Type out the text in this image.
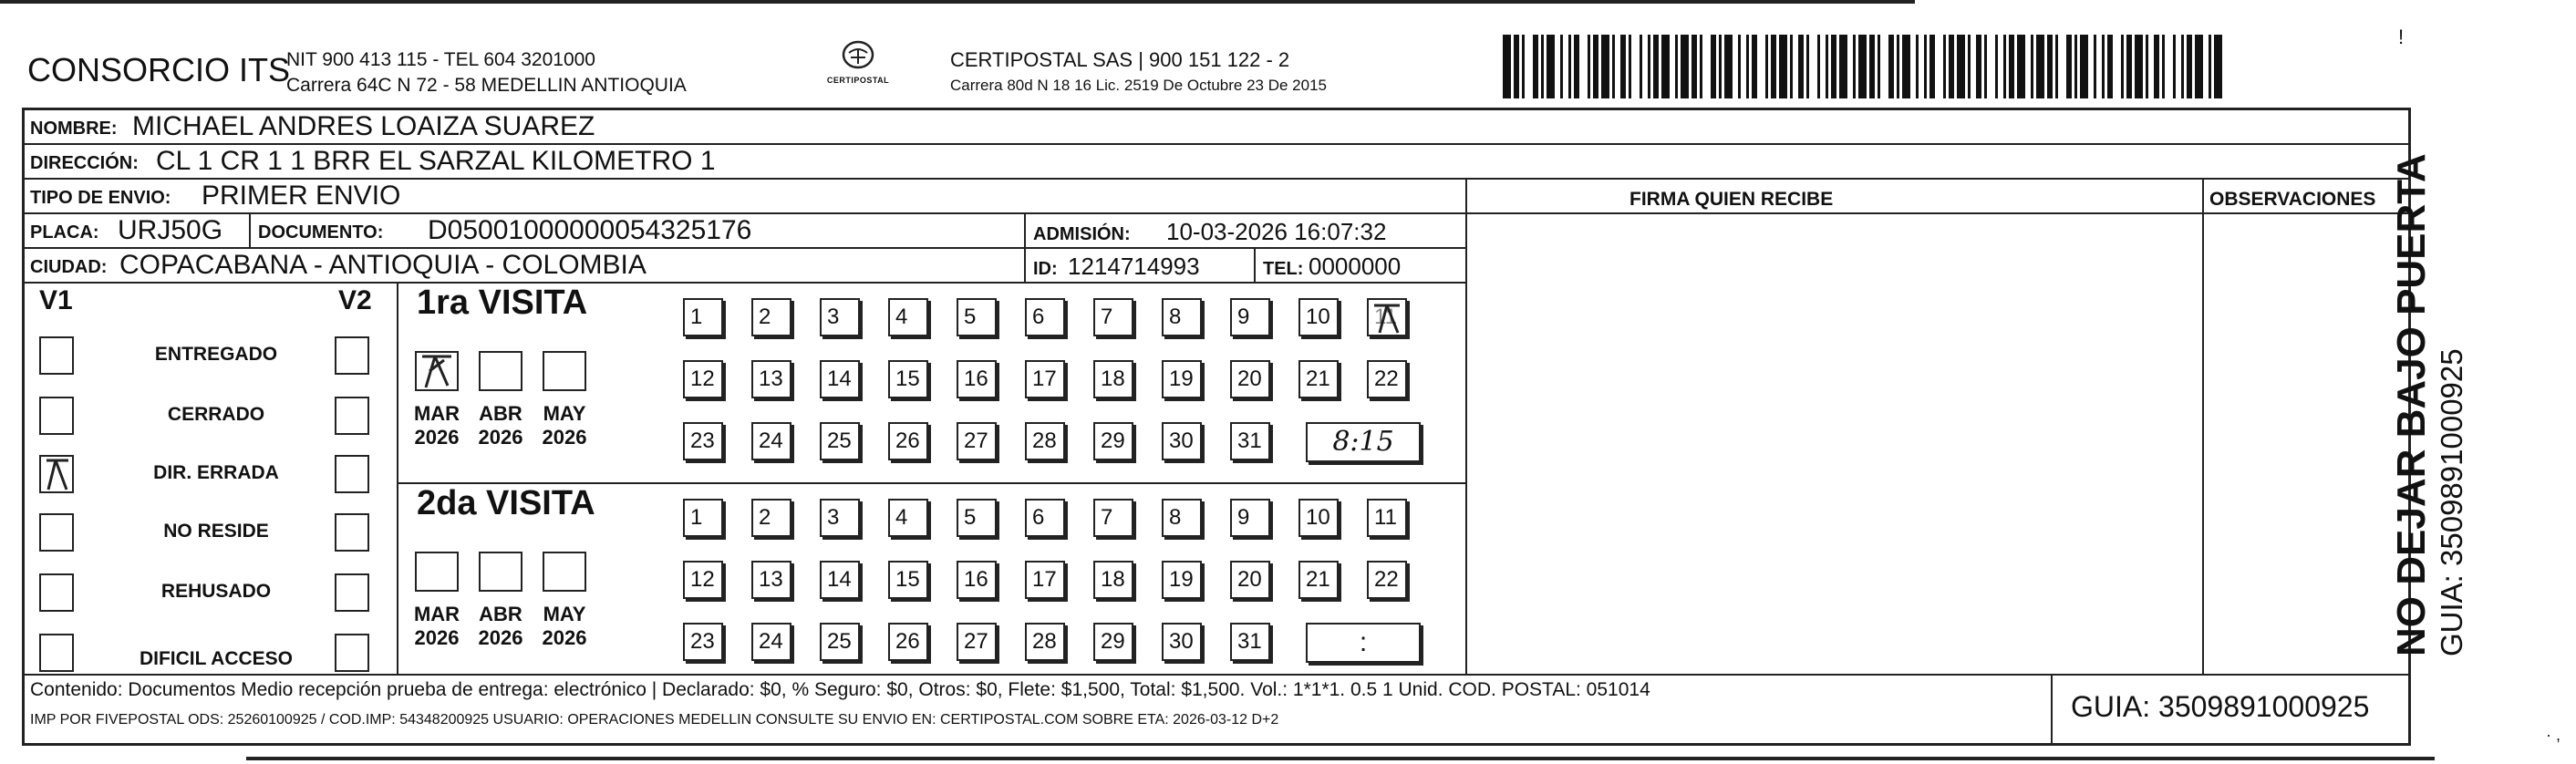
CONSORCIO ITS
NIT 900 413 115 - TEL 604 3201000
Carrera 64C N 72 - 58 MEDELLIN ANTIOQUIA	CERTIPOSTAL
CERTIPOSTAL SAS | 900 151 122 - 2
Carrera 80d N 18 16 Lic. 2519 De Octubre 23 De 2015
!
NOMBRE: MICHAEL ANDRES LOAIZA SUAREZ
DIRECCIÓN: CL 1 CR 1 1 BRR EL SARZAL KILOMETRO 1
TIPO DE ENVIO: PRIMER ENVIO	FIRMA QUIEN RECIBE	OBSERVACIONES
PLACA: URJ50G DOCUMENTO: D05001000000054325176	ADMISIÓN: 10-03-2026 16:07:32
CIUDAD: COPACABANA - ANTIOQUIA - COLOMBIA	ID: 1214714993	TEL: 0000000
V1	V2
ENTREGADO
CERRADO
DIR. ERRADA
NO RESIDE
REHUSADO
DIFICIL ACCESO
1ra VISITA
MAR
2026
ABR
2026
MAY
2026
1	2	3	4	5	6	7	8	9	10	11
12	13	14	15	16	17	18	19	20	21	22
23	24	25	26	27	28	29	30	31	8:15
2da VISITA
MAR
2026
ABR
2026
MAY
2026
1	2	3	4	5	6	7	8	9	10	11
12	13	14	15	16	17	18	19	20	21	22
23	24	25	26	27	28	29	30	31	:
Contenido: Documentos Medio recepción prueba de entrega: electrónico | Declarado: $0, % Seguro: $0, Otros: $0, Flete: $1,500, Total: $1,500. Vol.: 1*1*1. 0.5 1 Unid. COD. POSTAL: 051014
IMP POR FIVEPOSTAL ODS: 25260100925 / COD.IMP: 54348200925 USUARIO: OPERACIONES MEDELLIN CONSULTE SU ENVIO EN: CERTIPOSTAL.COM SOBRE ETA: 2026-03-12 D+2	GUIA: 3509891000925
NO DEJAR BAJO PUERTA GUIA: 3509891000925
· ,
